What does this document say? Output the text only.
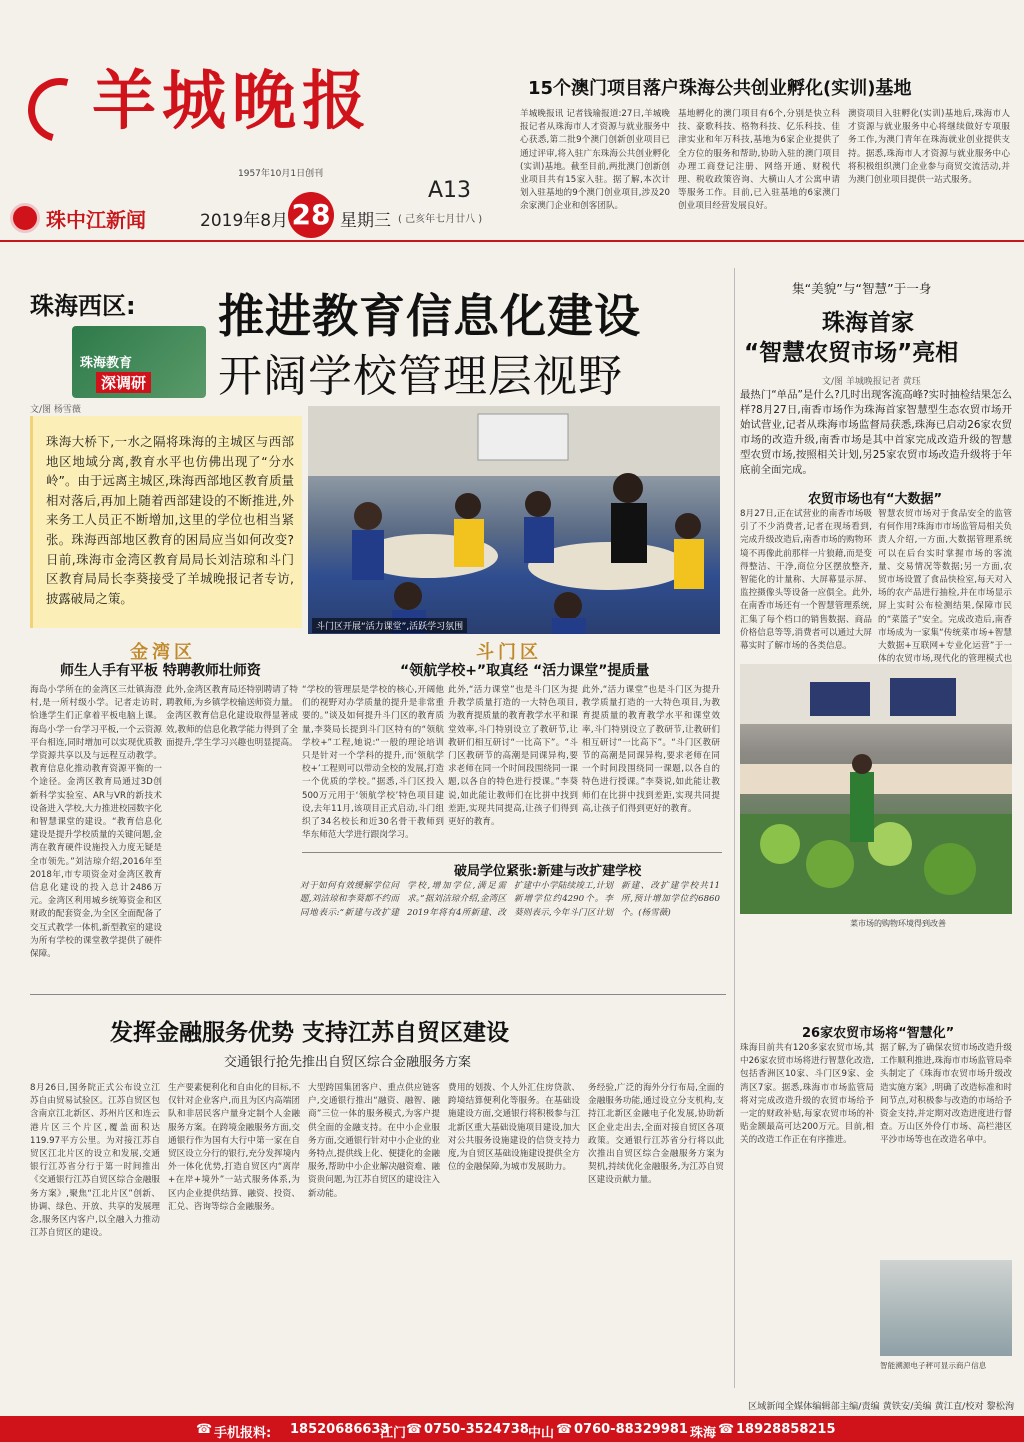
羊城晚报
1957年10月1日创刊
15个澳门项目落户珠海公共创业孵化(实训)基地
羊城晚报讯 记者钱瑜报道:27日,羊城晚报记者从珠海市人才资源与就业服务中心获悉,第二批9个澳门创新创业项目已通过评审,将入驻广东珠海公共创业孵化(实训)基地。截至目前,两批澳门创新创业项目共有15家入驻。据了解,本次计划入驻基地的9个澳门创业项目,涉及20余家澳门企业和创客团队。
基地孵化的澳门项目有6个,分别是快立科技、豪歌科技、格物科技、亿乐科技、佳津实业和年万科技,基地为6家企业提供了全方位的服务和帮助,协助入驻的澳门项目办理工商登记注册、网络开通、财税代理、税收政策咨询、大横山人才公寓申请等服务工作。目前,已入驻基地的6家澳门创业项目经营发展良好。
澳资项目入驻孵化(实训)基地后,珠海市人才资源与就业服务中心将继续做好专项服务工作,为澳门青年在珠海就业创业提供支持。据悉,珠海市人才资源与就业服务中心将积极组织澳门企业参与商贸交流活动,并为澳门创业项目提供一站式服务。
A13
珠中江新闻	2019年8月 28 星期三 ( 己亥年七月廿八 )
珠海西区: 推进教育信息化建设
开阔学校管理层视野
珠海教育
深调研
文/图 杨雪薇
珠海大桥下,一水之隔将珠海的主城区与西部地区地域分离,教育水平也仿佛出现了“分水岭”。由于远离主城区,珠海西部地区教育质量相对落后,再加上随着西部建设的不断推进,外来务工人员正不断增加,这里的学位也相当紧张。珠海西部地区教育的困局应当如何改变?日前,珠海市金湾区教育局局长刘洁琼和斗门区教育局局长李葵接受了羊城晚报记者专访,披露破局之策。
斗门区开展“活力课堂”,活跃学习氛围
金湾区
师生人手有平板 特聘教师壮师资
海岛小学所在的金湾区三灶镇海澄村,是一所村级小学。记者走访时,恰逢学生们正拿着平板电脑上课。海岛小学一台学习平板,一个云资源平台相连,同时增加可以实现优质教学资源共享以及与远程互动教学。教育信息化推动教育资源平衡的一个途径。金湾区教育局通过3D创新科学实验室、AR与VR的新技术设备进入学校,大力推进校园数字化和智慧课堂的建设。“教育信息化建设是提升学校质量的关键问题,金湾在教育硬件设施投入力度无疑是全市领先。”刘洁琼介绍,2016年至2018年,市专项资金对金湾区教育信息化建设的投入总计2486万元。金湾区利用城乡统筹资金和区财政的配套资金,为全区全面配备了交互式教学一体机,新型教室的建设为所有学校的课堂教学提供了硬件保障。
此外,金湾区教育局还特别聘请了特聘教师,为乡镇学校输送师资力量。金湾区教育信息化建设取得显著成效,教师的信息化教学能力得到了全面提升,学生学习兴趣也明显提高。
斗门区
“领航学校+”取真经 “活力课堂”提质量
“学校的管理层是学校的核心,开阔他们的视野对办学质量的提升是非常重要的。”谈及如何提升斗门区的教育质量,李葵局长提到斗门区特有的“领航学校+”工程,她说:“一般的理论培训只是针对一个学科的提升,而‘领航学校+’工程则可以带动全校的发展,打造一个优质的学校。”据悉,斗门区投入500万元用于‘领航学校’特色项目建设,去年11月,该项目正式启动,斗门组织了34名校长和近30名骨干教师到华东师范大学进行跟岗学习。
此外,“活力课堂”也是斗门区为提升教学质量打造的一大特色项目,为教育提质量的教育教学水平和课堂效率,斗门特别设立了教研节,让教研们相互研讨“一比高下”。“斗门区教研节的高潮是同课异构,要求老师在同一个时间段围绕同一课题,以各自的特色进行授课。”李葵说,如此能让教师们在比拼中找到差距,实现共同提高,让孩子们得到更好的教育。
此外,“活力课堂”也是斗门区为提升教学质量打造的一大特色项目,为教育提质量的教育教学水平和课堂效率,斗门特别设立了教研节,让教研们相互研讨“一比高下”。“斗门区教研节的高潮是同课异构,要求老师在同一个时间段围绕同一课题,以各自的特色进行授课。”李葵说,如此能让教师们在比拼中找到差距,实现共同提高,让孩子们得到更好的教育。
破局学位紧张:新建与改扩建学校
对于如何有效缓解学位问题,刘洁琼和李葵都不约而同地表示:“新建与改扩建学校,增加学位,满足需求。”据刘洁琼介绍,金湾区2019年将有4所新建、改扩建中小学陆续竣工,计划新增学位约4290个。李葵则表示,今年斗门区计划新建、改扩建学校共11所,预计增加学位约6860个。(杨雪薇)
集“美貌”与“智慧”于一身
珠海首家
“智慧农贸市场”亮相
文/图 羊城晚报记者 黄珏
最热门“单品”是什么?几时出现客流高峰?实时抽检结果怎么样?8月27日,南香市场作为珠海首家智慧型生态农贸市场开始试营业,记者从珠海市场监督局获悉,珠海已启动26家农贸市场的改造升级,南香市场是其中首家完成改造升级的智慧型农贸市场,按照相关计划,另25家农贸市场改造升级将于年底前全面完成。
农贸市场也有“大数据”
8月27日,正在试营业的南香市场吸引了不少消费者,记者在现场看到,完成升级改造后,南香市场的购物环境不再像此前那样一片狼藉,而是变得整洁、干净,商位分区摆放整齐,智能化的计量称、大屏幕显示屏、监控摄像头等设备一应俱全。此外,在南香市场还有一个智慧管理系统,汇集了每个档口的销售数据、商品价格信息等等,消费者可以通过大屏幕实时了解市场的各类信息。
智慧农贸市场对于食品安全的监管有何作用?珠海市市场监管局相关负责人介绍,一方面,大数据管理系统可以在后台实时掌握市场的客流量、交易情况等数据;另一方面,农贸市场设置了食品快检室,每天对入场的农产品进行抽检,并在市场显示屏上实时公布检测结果,保障市民的“菜篮子”安全。完成改造后,南香市场成为一家集“传统菜市场+智慧大数据+互联网+专业化运营”于一体的农贸市场,现代化的管理模式也
菜市场的购物环境得到改善
26家农贸市场将“智慧化”
珠海目前共有120多家农贸市场,其中26家农贸市场将进行智慧化改造,包括香洲区10家、斗门区9家、金湾区7家。据悉,珠海市市场监管局将对完成改造升级的农贸市场给予一定的财政补贴,每家农贸市场的补贴金额最高可达200万元。目前,相关的改造工作正在有序推进。
据了解,为了确保农贸市场改造升级工作顺利推进,珠海市市场监管局牵头制定了《珠海市农贸市场升级改造实施方案》,明确了改造标准和时间节点,对积极参与改造的市场给予资金支持,并定期对改造进度进行督查。万山区外伶仃市场、高栏港区平沙市场等也在改造名单中。
智能溯源电子秤可显示商户信息
发挥金融服务优势 支持江苏自贸区建设
交通银行抢先推出自贸区综合金融服务方案
8月26日,国务院正式公布设立江苏自由贸易试验区。江苏自贸区包含南京江北新区、苏州片区和连云港片区三个片区,覆盖面积达119.97平方公里。为对接江苏自贸区江北片区的设立和发展,交通银行江苏省分行于第一时间推出《交通银行江苏自贸区综合金融服务方案》,聚焦“江北片区”创新、协调、绿色、开放、共享的发展理念,服务区内客户,以全融入力推动江苏自贸区的建设。
生产要素便利化和自由化的目标,不仅针对企业客户,而且为区内高端团队和非居民客户量身定制个人金融服务方案。在跨境金融服务方面,交通银行作为国有大行中第一家在自贸区设立分行的银行,充分发挥境内外一体化优势,打造自贸区内“离岸+在岸+境外”一站式服务体系,为区内企业提供结算、融资、投资、汇兑、咨询等综合金融服务。
大型跨国集团客户、重点供应链客户,交通银行推出“融资、融智、融商”三位一体的服务模式,为客户提供全面的金融支持。在中小企业服务方面,交通银行针对中小企业的业务特点,提供线上化、便捷化的金融服务,帮助中小企业解决融资难、融资贵问题,为江苏自贸区的建设注入新动能。
费用的划拨、个人外汇住房贷款、跨境结算便利化等服务。在基础设施建设方面,交通银行将积极参与江北新区重大基础设施项目建设,加大对公共服务设施建设的信贷支持力度,为自贸区基础设施建设提供全方位的金融保障,为城市发展助力。
务经验,广泛的海外分行布局,全面的金融服务功能,通过设立分支机构,支持江北新区金融电子化发展,协助新区企业走出去,全面对接自贸区各项政策。交通银行江苏省分行将以此次推出自贸区综合金融服务方案为契机,持续优化金融服务,为江苏自贸区建设贡献力量。
区域新闻全媒体编辑部主编/责编 黄铁安/美编 黄江直/校对 黎松洵
☎ 手机报料: 18520686633
江门 ☎ 0750-3524738 中山 ☎ 0760-88329981 珠海 ☎ 18928858215
